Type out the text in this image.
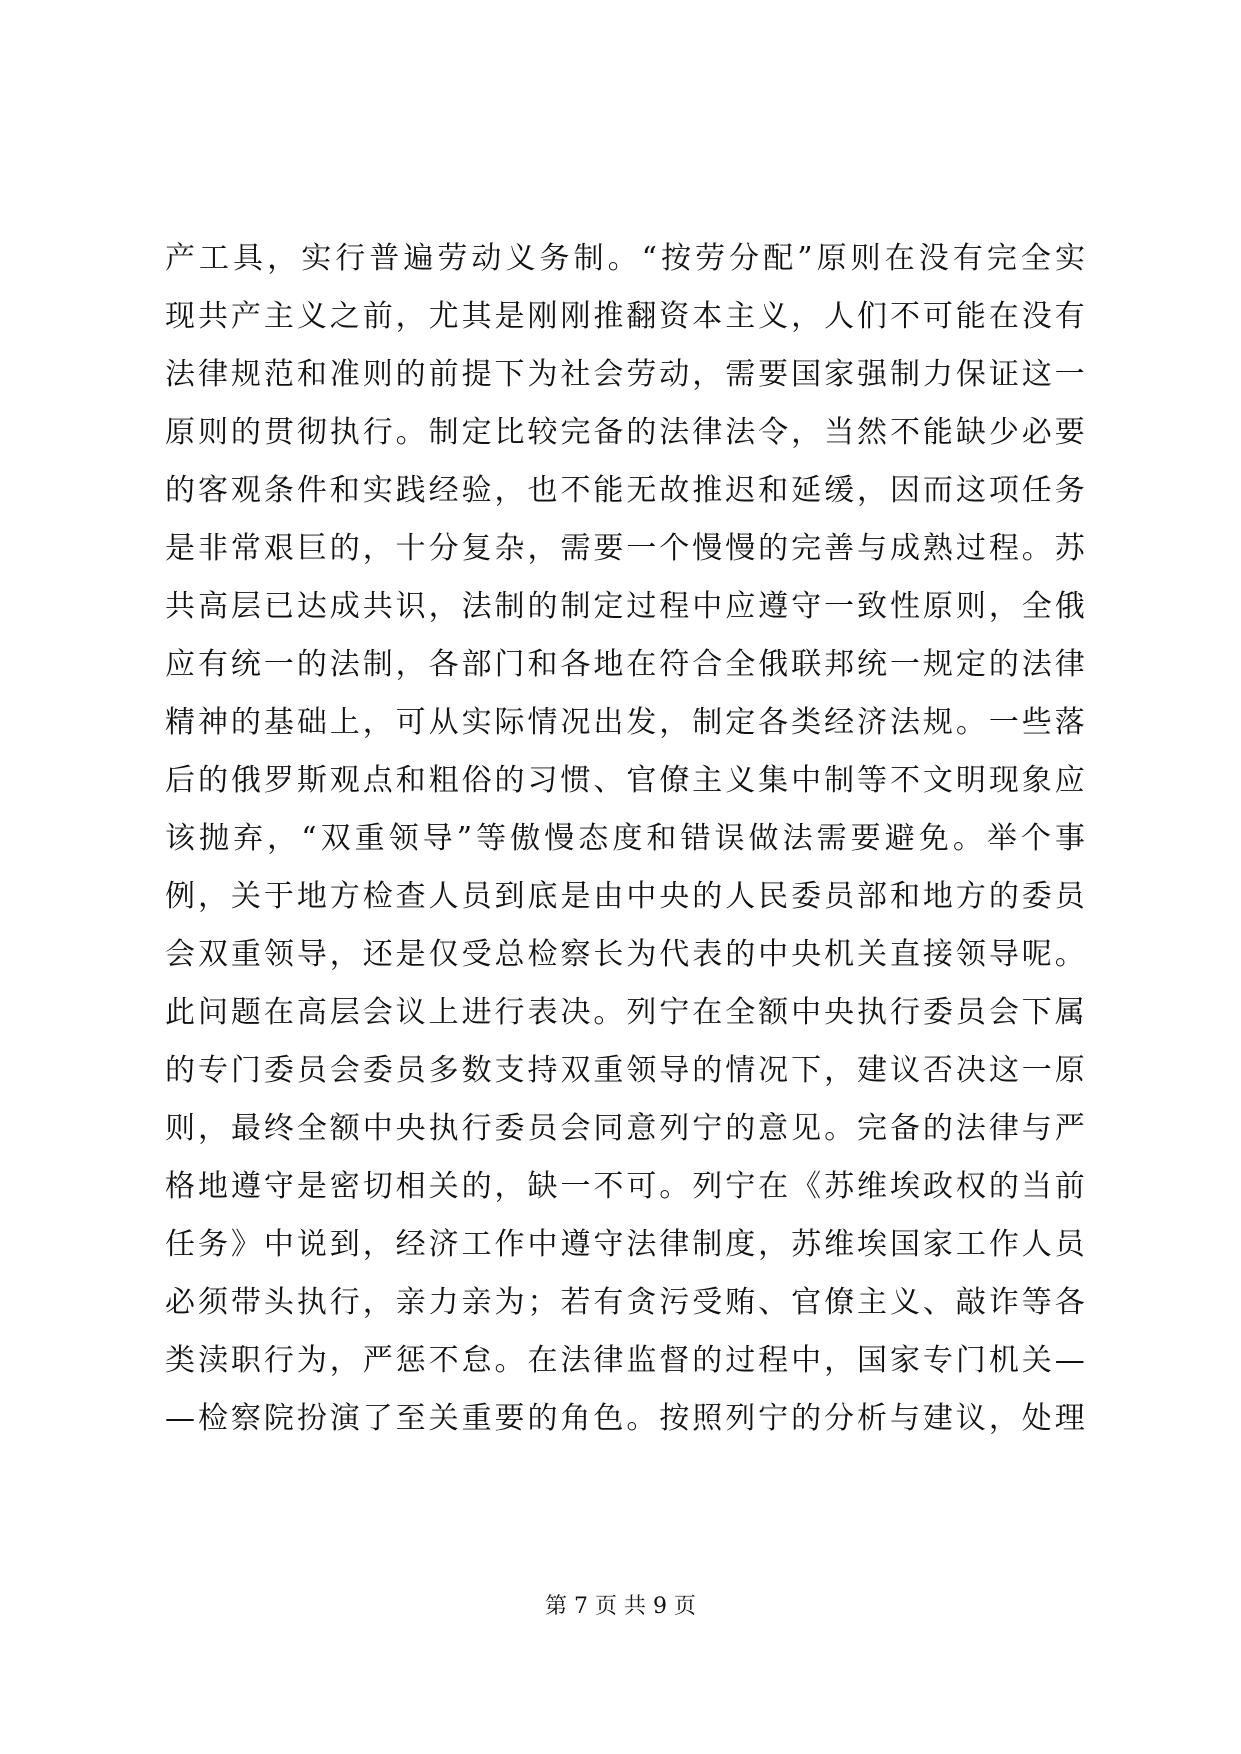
产 工 具 ， 实 行 普 遍 劳 动 义 务 制 。 “ 按 劳 分 配 ” 原 则 在 没 有 完 全 实
现 共 产 主 义 之 前 ， 尤 其 是 刚 刚 推 翻 资 本 主 义 ， 人 们 不 可 能 在 没 有
法 律 规 范 和 准 则 的 前 提 下 为 社 会 劳 动 ， 需 要 国 家 强 制 力 保 证 这 一
原 则 的 贯 彻 执 行 。 制 定 比 较 完 备 的 法 律 法 令 ， 当 然 不 能 缺 少 必 要
的 客 观 条 件 和 实 践 经 验 ， 也 不 能 无 故 推 迟 和 延 缓 ， 因 而 这 项 任 务
是 非 常 艰 巨 的 ， 十 分 复 杂 ， 需 要 一 个 慢 慢 的 完 善 与 成 熟 过 程 。 苏
共 高 层 已 达 成 共 识 ， 法 制 的 制 定 过 程 中 应 遵 守 一 致 性 原 则 ， 全 俄
应 有 统 一 的 法 制 ， 各 部 门 和 各 地 在 符 合 全 俄 联 邦 统 一 规 定 的 法 律
精 神 的 基 础 上 ， 可 从 实 际 情 况 出 发 ， 制 定 各 类 经 济 法 规 。 一 些 落
后 的 俄 罗 斯 观 点 和 粗 俗 的 习 惯 、 官 僚 主 义 集 中 制 等 不 文 明 现 象 应
该 抛 弃 ， “ 双 重 领 导 ” 等 傲 慢 态 度 和 错 误 做 法 需 要 避 免 。 举 个 事
例 ， 关 于 地 方 检 查 人 员 到 底 是 由 中 央 的 人 民 委 员 部 和 地 方 的 委 员
会 双 重 领 导 ， 还 是 仅 受 总 检 察 长 为 代 表 的 中 央 机 关 直 接 领 导 呢 。
此 问 题 在 高 层 会 议 上 进 行 表 决 。 列 宁 在 全 额 中 央 执 行 委 员 会 下 属
的 专 门 委 员 会 委 员 多 数 支 持 双 重 领 导 的 情 况 下 ， 建 议 否 决 这 一 原
则 ， 最 终 全 额 中 央 执 行 委 员 会 同 意 列 宁 的 意 见 。 完 备 的 法 律 与 严
格 地 遵 守 是 密 切 相 关 的 ， 缺 一 不 可 。 列 宁 在 《 苏 维 埃 政 权 的 当 前
任 务 》 中 说 到 ， 经 济 工 作 中 遵 守 法 律 制 度 ， 苏 维 埃 国 家 工 作 人 员
必 须 带 头 执 行 ， 亲 力 亲 为 ； 若 有 贪 污 受 贿 、 官 僚 主 义 、 敲 诈 等 各
类 渎 职 行 为 ， 严 惩 不 怠 。 在 法 律 监 督 的 过 程 中 ， 国 家 专 门 机 关 —
— 检 察 院 扮 演 了 至 关 重 要 的 角 色 。 按 照 列 宁 的 分 析 与 建 议 ， 处 理
第 7 页 共 9 页
